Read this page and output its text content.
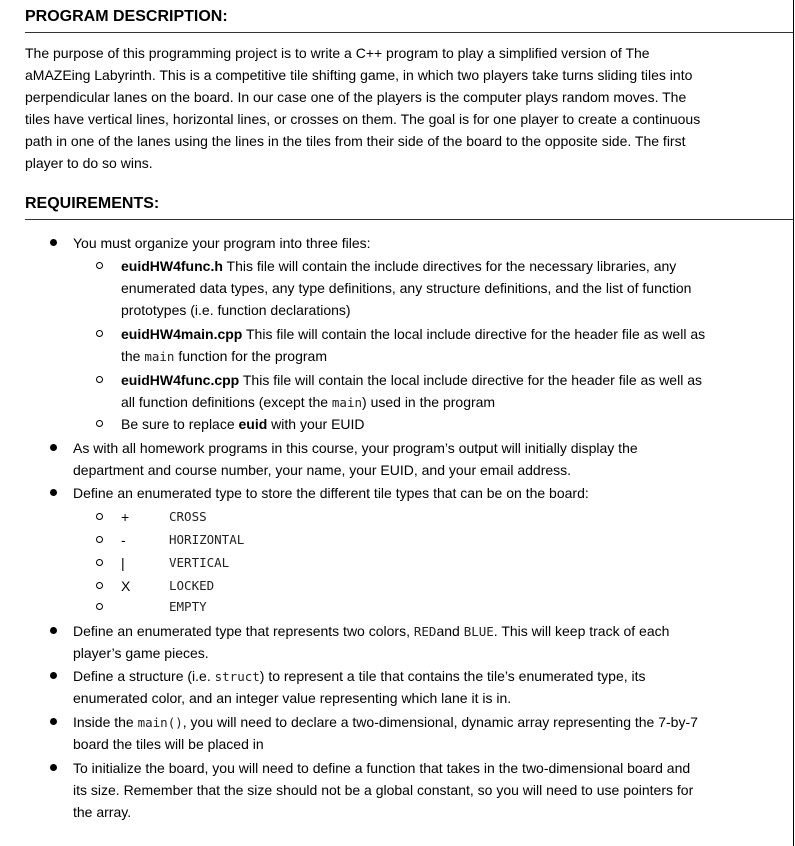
PROGRAM DESCRIPTION:
The purpose of this programming project is to write a C++ program to play a simplified version of The
aMAZEing Labyrinth. This is a competitive tile shifting game, in which two players take turns sliding tiles into
perpendicular lanes on the board. In our case one of the players is the computer plays random moves. The
tiles have vertical lines, horizontal lines, or crosses on them. The goal is for one player to create a continuous
path in one of the lanes using the lines in the tiles from their side of the board to the opposite side. The first
player to do so wins.
REQUIREMENTS:
You must organize your program into three files:
euidHW4func.h This file will contain the include directives for the necessary libraries, any
enumerated data types, any type definitions, any structure definitions, and the list of function
prototypes (i.e. function declarations)
euidHW4main.cpp This file will contain the local include directive for the header file as well as
the main function for the program
euidHW4func.cpp This file will contain the local include directive for the header file as well as
all function definitions (except the main) used in the program
Be sure to replace euid with your EUID
As with all homework programs in this course, your program’s output will initially display the
department and course number, your name, your EUID, and your email address.
Define an enumerated type to store the different tile types that can be on the board:
+	CROSS
-	HORIZONTAL
|	VERTICAL
X	LOCKED
EMPTY
Define an enumerated type that represents two colors, REDand BLUE. This will keep track of each
player’s game pieces.
Define a structure (i.e. struct) to represent a tile that contains the tile’s enumerated type, its
enumerated color, and an integer value representing which lane it is in.
Inside the main(), you will need to declare a two-dimensional, dynamic array representing the 7-by-7
board the tiles will be placed in
To initialize the board, you will need to define a function that takes in the two-dimensional board and
its size. Remember that the size should not be a global constant, so you will need to use pointers for
the array.
